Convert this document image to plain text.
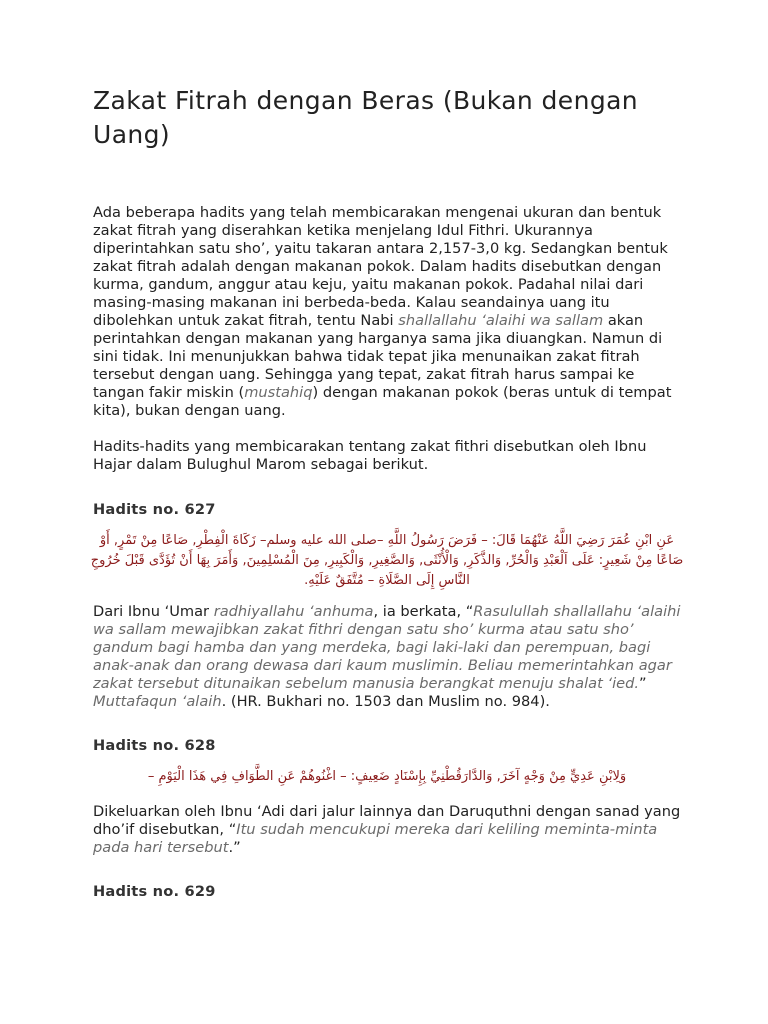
Zakat Fitrah dengan Beras (Bukan dengan Uang)

Ada beberapa hadits yang telah membicarakan mengenai ukuran dan bentuk zakat fitrah yang diserahkan ketika menjelang Idul Fithri. Ukurannya diperintahkan satu sho’, yaitu takaran antara 2,157-3,0 kg. Sedangkan bentuk zakat fitrah adalah dengan makanan pokok. Dalam hadits disebutkan dengan kurma, gandum, anggur atau keju, yaitu makanan pokok. Padahal nilai dari masing-masing makanan ini berbeda-beda. Kalau seandainya uang itu dibolehkan untuk zakat fitrah, tentu Nabi shallallahu ‘alaihi wa sallam akan perintahkan dengan makanan yang harganya sama jika diuangkan. Namun di sini tidak. Ini menunjukkan bahwa tidak tepat jika menunaikan zakat fitrah tersebut dengan uang. Sehingga yang tepat, zakat fitrah harus sampai ke tangan fakir miskin (mustahiq) dengan makanan pokok (beras untuk di tempat kita), bukan dengan uang.

Hadits-hadits yang membicarakan tentang zakat fithri disebutkan oleh Ibnu Hajar dalam Bulughul Marom sebagai berikut.

Hadits no. 627
عَنِ ابْنِ عُمَرَ رَضِيَ اللَّهُ عَنْهُمَا قَالَ: – فَرَضَ رَسُولُ اللَّهِ –صلى الله عليه وسلم– زَكَاةَ الْفِطْرِ, صَاعًا مِنْ تَمْرٍ, أَوْ صَاعًا مِنْ شَعِيرٍ: عَلَى اَلْعَبْدِ وَالْحُرِّ, وَالذَّكَرِ, وَالْأُنْثَى, وَالصَّغِيرِ, وَالْكَبِيرِ, مِنَ الْمُسْلِمِينَ, وَأَمَرَ بِهَا أَنْ تُؤَدَّى قَبْلَ خُرُوجِ النَّاسِ إِلَى الصَّلَاةِ – مُتَّفَقٌ عَلَيْهِ.

Dari Ibnu ‘Umar radhiyallahu ‘anhuma, ia berkata, “Rasulullah shallallahu ‘alaihi wa sallam mewajibkan zakat fithri dengan satu sho’ kurma atau satu sho’ gandum bagi hamba dan yang merdeka, bagi laki-laki dan perempuan, bagi anak-anak dan orang dewasa dari kaum muslimin. Beliau memerintahkan agar zakat tersebut ditunaikan sebelum manusia berangkat menuju shalat ‘ied.” Muttafaqun ‘alaih. (HR. Bukhari no. 1503 dan Muslim no. 984).

Hadits no. 628
وَلِابْنِ عَدِيٍّ مِنْ وَجْهٍ آخَرَ, وَالدَّارَقُطْنِيِّ بِإِسْنَادٍ ضَعِيفٍ: – اغْنُوهُمْ عَنِ الطَّوَافِ فِي هَذَا الْيَوْمِ –

Dikeluarkan oleh Ibnu ‘Adi dari jalur lainnya dan Daruquthni dengan sanad yang dho’if disebutkan, “Itu sudah mencukupi mereka dari keliling meminta-minta pada hari tersebut.”

Hadits no. 629
